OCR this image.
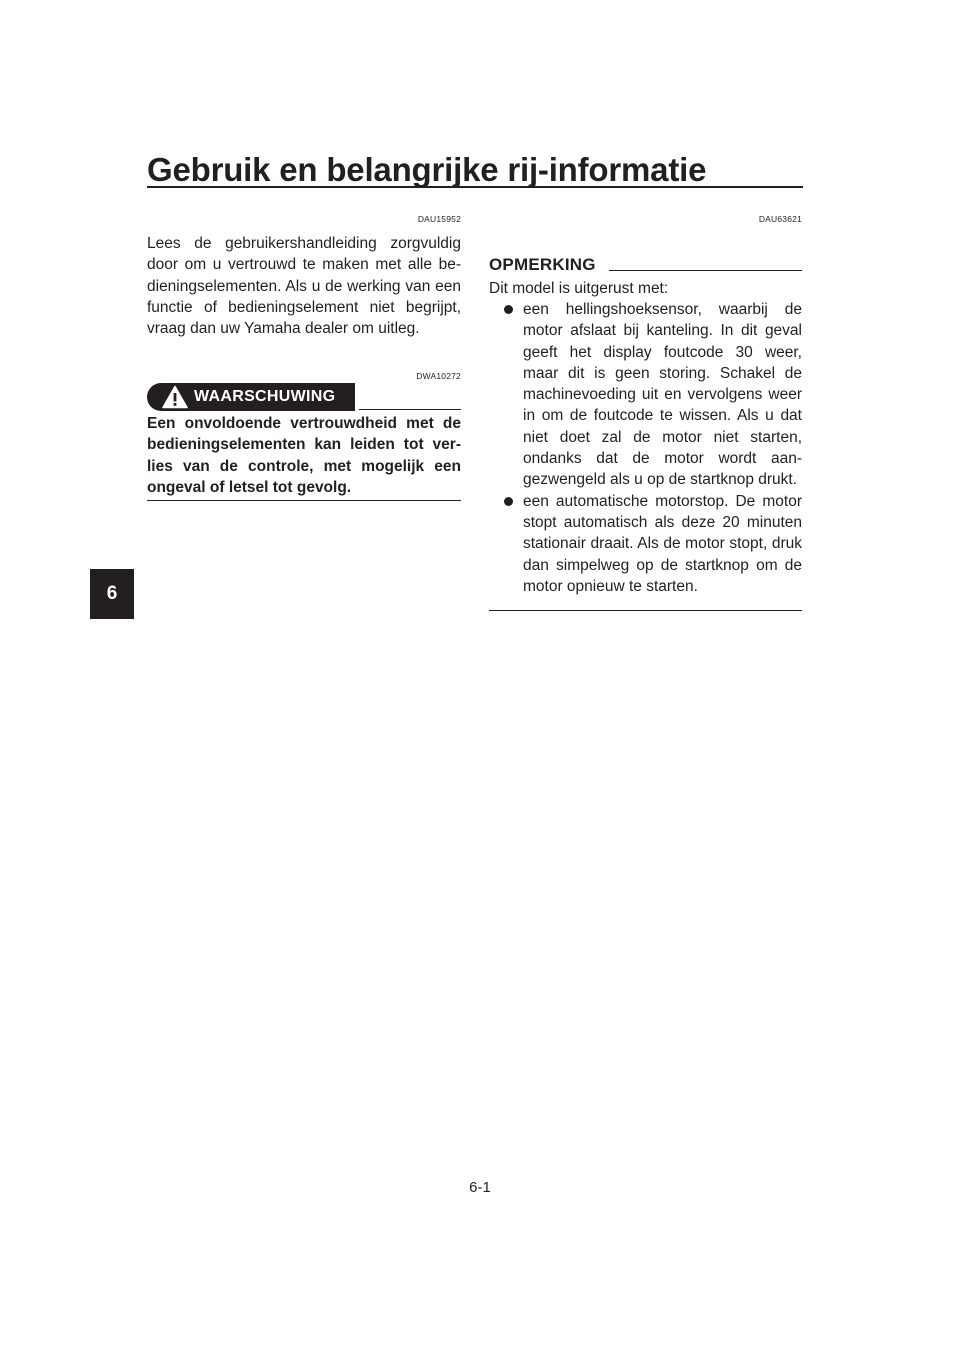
Gebruik en belangrijke rij-informatie
6
DAU15952

Lees de gebruikershandleiding zorgvuldig door om u vertrouwd te maken met alle bedieningselementen. Als u de werking van een functie of bedieningselement niet begrijpt, vraag dan uw Yamaha dealer om uitleg.

DWA10272
WAARSCHUWING

Een onvoldoende vertrouwdheid met de bedieningselementen kan leiden tot verlies van de controle, met mogelijk een ongeval of letsel tot gevolg.

DAU63621

OPMERKING

Dit model is uitgerust met:

een hellingshoeksensor, waarbij de motor afslaat bij kanteling. In dit geval geeft het display foutcode 30 weer, maar dit is geen storing. Schakel de machinevoeding uit en vervolgens weer in om de foutcode te wissen. Als u dat niet doet zal de motor niet starten, ondanks dat de motor wordt aangezwengeld als u op de startknop drukt.
een automatische motorstop. De motor stopt automatisch als deze 20 minuten stationair draait. Als de motor stopt, druk dan simpelweg op de startknop om de motor opnieuw te starten.
6-1
